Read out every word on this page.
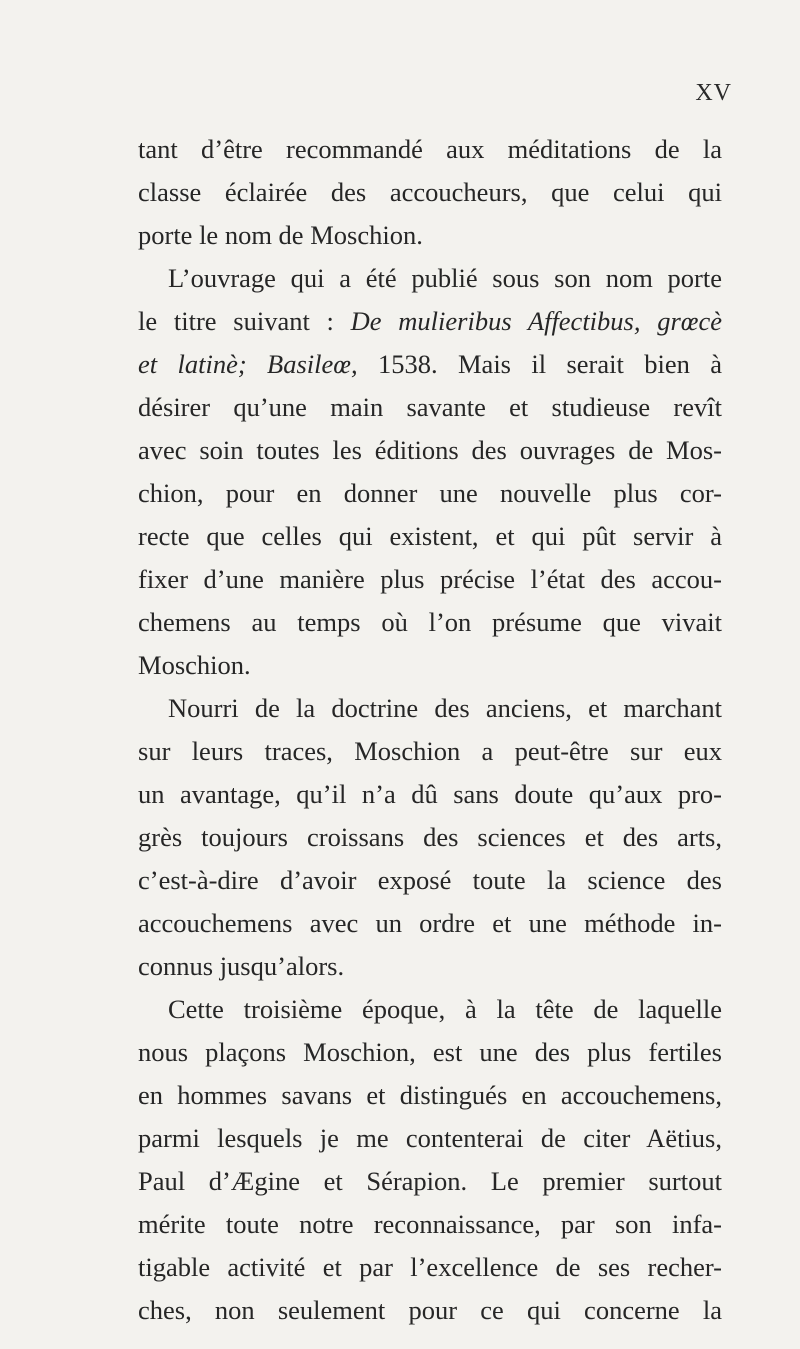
XV
tant d’être recommandé aux méditations de la
classe éclairée des accoucheurs, que celui qui
porte le nom de Moschion.
L’ouvrage qui a été publié sous son nom porte
le titre suivant : De mulieribus Affectibus, grœcè
et latinè; Basileœ, 1538. Mais il serait bien à
désirer qu’une main savante et studieuse revît
avec soin toutes les éditions des ouvrages de Mos-
chion, pour en donner une nouvelle plus cor-
recte que celles qui existent, et qui pût servir à
fixer d’une manière plus précise l’état des accou-
chemens au temps où l’on présume que vivait
Moschion.
Nourri de la doctrine des anciens, et marchant
sur leurs traces, Moschion a peut-être sur eux
un avantage, qu’il n’a dû sans doute qu’aux pro-
grès toujours croissans des sciences et des arts,
c’est-à-dire d’avoir exposé toute la science des
accouchemens avec un ordre et une méthode in-
connus jusqu’alors.
Cette troisième époque, à la tête de laquelle
nous plaçons Moschion, est une des plus fertiles
en hommes savans et distingués en accouchemens,
parmi lesquels je me contenterai de citer Aëtius,
Paul d’Ægine et Sérapion. Le premier surtout
mérite toute notre reconnaissance, par son infa-
tigable activité et par l’excellence de ses recher-
ches, non seulement pour ce qui concerne la
